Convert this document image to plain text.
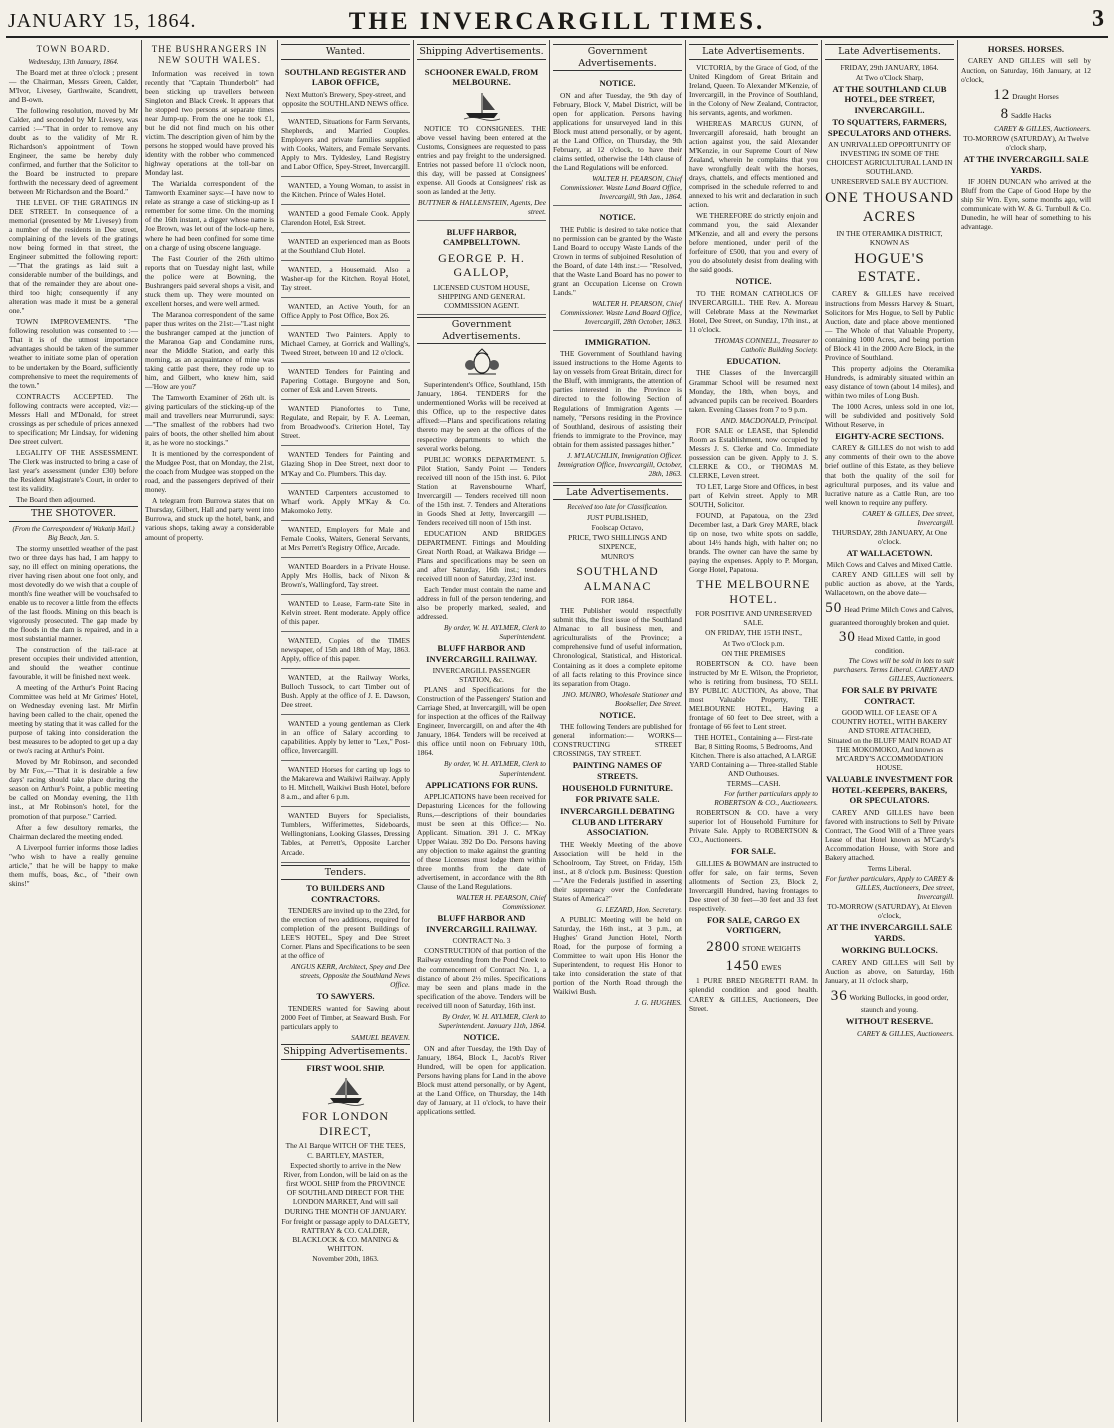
JANUARY 15, 1864.	THE INVERCARGILL TIMES.	3
TOWN BOARD.
Wednesday, 13th January, 1864.

The Board met at three o'clock ; present— the Chairman, Messrs Green, Calder, M'Ivor, Livesey, Garthwaite, Scandrett, and B-own.

The following resolution, moved by Mr Calder, and seconded by Mr Livesey, was carried :—"That in order to remove any doubt as to the validity of Mr R. Richardson's appointment of Town Engineer, the same be hereby duly confirmed, and further that the Solicitor to the Board be instructed to prepare forthwith the necessary deed of agreement between Mr Richardson and the Board."

THE LEVEL OF THE GRATINGS IN DEE STREET. In consequence of a memorial (presented by Mr Livesey) from a number of the residents in Dee street, complaining of the levels of the gratings now being formed in that street, the Engineer submitted the following report:—"That the gratings as laid suit a considerable number of the buildings, and that of the remainder they are about one-third too high; consequently if any alteration was made it must be a general one."

TOWN IMPROVEMENTS. "The following resolution was consented to :—That it is of the utmost importance advantages should be taken of the summer weather to initiate some plan of operation to be undertaken by the Board, sufficiently comprehensive to meet the requirements of the town."

CONTRACTS ACCEPTED. The following contracts were accepted, viz:—Messrs Hall and M'Donald, for street crossings as per schedule of prices annexed to specification; Mr Lindsay, for widening Dee street culvert.

LEGALITY OF THE ASSESSMENT. The Clerk was instructed to bring a case of last year's assessment (under £30) before the Resident Magistrate's Court, in order to test its validity.

The Board then adjourned.

THE SHOTOVER.
(From the Correspondent of Wakatip Mail.)
Big Beach, Jan. 5.

The stormy unsettled weather of the past two or three days has had, I am happy to say, no ill effect on mining operations, the river having risen about one foot only, and most devotedly do we wish that a couple of month's fine weather will be vouchsafed to enable us to recover a little from the effects of the last floods. Mining on this beach is vigorously prosecuted. The gap made by the floods in the dam is repaired, and in a most substantial manner.

The construction of the tail-race at present occupies their undivided attention, and should the weather continue favourable, it will be finished next week.

A meeting of the Arthur's Point Racing Committee was held at Mr Grimes' Hotel, on Wednesday evening last. Mr Mirfin having been called to the chair, opened the meeting by stating that it was called for the purpose of taking into consideration the best measures to be adopted to get up a day or two's racing at Arthur's Point.

Moved by Mr Robinson, and seconded by Mr Fox,—"That it is desirable a few days' racing should take place during the season on Arthur's Point, a public meeting be called on Monday evening, the 11th inst., at Mr Robinson's hotel, for the promotion of that purpose." Carried.

After a few desultory remarks, the Chairman declared the meeting ended.

A Liverpool furrier informs those ladies "who wish to have a really genuine article," that he will be happy to make them muffs, boas, &c., of "their own skins!"

THE BUSHRANGERS IN NEW SOUTH WALES.

Information was received in town recently that "Captain Thunderbolt" had been sticking up travellers between Singleton and Black Creek. It appears that he stopped two persons at separate times near Jump-up. From the one he took £1, but he did not find much on his other victim. The description given of him by the persons he stopped would have proved his identity with the robber who commenced highway operations at the toll-bar on Monday last.

The Warialda correspondent of the Tamworth Examiner says:—I have now to relate as strange a case of sticking-up as I remember for some time. On the morning of the 16th instant, a digger whose name is Joe Brown, was let out of the lock-up here, where he had been confined for some time on a charge of using obscene language.

The Fast Courier of the 26th ultimo reports that on Tuesday night last, while the police were at Bowning, the Bushrangers paid several shops a visit, and stuck them up. They were mounted on excellent horses, and were well armed.

The Maranoa correspondent of the same paper thus writes on the 21st:—"Last night the bushranger camped at the junction of the Maranoa Gap and Condamine runs, near the Middle Station, and early this morning, as an acquaintance of mine was taking cattle past there, they rode up to him, and Gilbert, who knew him, said—'How are you?'

The Tamworth Examiner of 26th ult. is giving particulars of the sticking-up of the mail and travellers near Murrurundi, says:—"The smallest of the robbers had two pairs of boots, the other shelled him about it, as he wore no stockings."

It is mentioned by the correspondent of the Mudgee Post, that on Monday, the 21st, the coach from Mudgee was stopped on the road, and the passengers deprived of their money.

A telegram from Burrowa states that on Thursday, Gilbert, Hall and party went into Burrowa, and stuck up the hotel, bank, and various shops, taking away a considerable amount of property.

Wanted.
SOUTHLAND REGISTER AND LABOR OFFICE,
Next Mutton's Brewery, Spey-street, and opposite the SOUTHLAND NEWS office.

WANTED, Situations for Farm Servants, Shepherds, and Married Couples. Employers and private families supplied with Cooks, Waiters, and Female Servants. Apply to Mrs. Tyldesley, Land Registry and Labor Office, Spey-Street, Invercargill.

WANTED, a Young Woman, to assist in the Kitchen. Prince of Wales Hotel.

WANTED a good Female Cook. Apply Clarendon Hotel, Esk Street.

WANTED an experienced man as Boots at the Southland Club Hotel.

WANTED, a Housemaid. Also a Washer-up for the Kitchen. Royal Hotel, Tay street.

WANTED, an Active Youth, for an Office Apply to Post Office, Box 26.

WANTED Two Painters. Apply to Michael Carney, at Gorrick and Walling's, Tweed Street, between 10 and 12 o'clock.

WANTED Tenders for Painting and Papering Cottage. Burgoyne and Son, corner of Esk and Leven Streets.

WANTED Pianofortes to Tune, Regulate, and Repair, by F. A. Leeman, from Broadwood's. Criterion Hotel, Tay Street.

WANTED Tenders for Painting and Glazing Shop in Dee Street, next door to M'Kay and Co. Plumbers. This day.

WANTED Carpenters accustomed to Wharf work. Apply M'Kay & Co. Makomoko Jetty.

WANTED, Employers for Male and Female Cooks, Waiters, General Servants, at Mrs Perrett's Registry Office, Arcade.

WANTED Boarders in a Private House. Apply Mrs Hollis, back of Nixon & Brown's, Wallingford, Tay street.

WANTED to Lease, Farm-rate Site in Kelvin street. Rent moderate. Apply office of this paper.

WANTED, Copies of the TIMES newspaper, of 15th and 18th of May, 1863. Apply, office of this paper.

WANTED, at the Railway Works, Bulloch Tussock, to cart Timber out of Bush. Apply at the office of J. E. Dawson, Dee street.

WANTED a young gentleman as Clerk in an office of Salary according to capabilities. Apply by letter to "Lex," Post-office, Invercargill.

WANTED Horses for carting up logs to the Makarewa and Waikiwi Railway. Apply to H. Mitchell, Waikiwi Bush Hotel, before 8 a.m., and after 6 p.m.

WANTED Buyers for Specialists, Tumblers, Wifferimettes, Sideboards, Wellingtonians, Looking Glasses, Dressing Tables, at Perrett's, Opposite Larcher Arcade.

Tenders.
TO BUILDERS AND CONTRACTORS.

TENDERS are invited up to the 23rd, for the erection of two additions, required for completion of the present Buildings of LEE'S HOTEL, Spey and Dee Street Corner. Plans and Specifications to be seen at the office of

ANGUS KERR, Architect, Spey and Dee streets, Opposite the Southland News Office.
TO SAWYERS.

TENDERS wanted for Sawing about 2000 Feet of Timber, at Seaward Bush. For particulars apply to

SAMUEL BEAVEN.
Shipping Advertisements.
FIRST WOOL SHIP.
FOR LONDON DIRECT,
The A1 Barque WITCH OF THE TEES,
C. BARTLEY, MASTER,
Expected shortly to arrive in the New River, from London, will be laid on as the first WOOL SHIP from the PROVINCE OF SOUTHLAND DIRECT FOR THE LONDON MARKET, And will sail DURING THE MONTH OF JANUARY.
For freight or passage apply to DALGETY, RATTRAY & CO. CALDER, BLACKLOCK & CO. MANING & WHITTON.
November 20th, 1863.
Shipping Advertisements.
SCHOONER EWALD, FROM MELBOURNE.

NOTICE TO CONSIGNEES. THE above vessel having been entered at the Customs, Consignees are requested to pass entries and pay freight to the undersigned. Entries not passed before 11 o'clock noon, this day, will be passed at Consignees' expense. All Goods at Consignees' risk as soon as landed at the Jetty.

BUTTNER & HALLENSTEIN, Agents, Dee street.
BLUFF HARBOR, CAMPBELLTOWN.
GEORGE P. H. GALLOP,
LICENSED CUSTOM HOUSE, SHIPPING AND GENERAL COMMISSION AGENT.
Government Advertisements.

Superintendent's Office, Southland, 15th January, 1864. TENDERS for the undermentioned Works will be received at this Office, up to the respective dates affixed:—Plans and specifications relating thereto may be seen at the offices of the respective departments to which the several works belong.

PUBLIC WORKS DEPARTMENT. 5. Pilot Station, Sandy Point — Tenders received till noon of the 15th inst. 6. Pilot Station at Ravensbourne Wharf, Invercargill — Tenders received till noon of the 15th inst. 7. Tenders and Alterations in Goods Shed at Jetty, Invercargill — Tenders received till noon of 15th inst.

EDUCATION AND BRIDGES DEPARTMENT. Fittings and Moulding Great North Road, at Waikawa Bridge — Plans and specifications may be seen on and after Saturday, 16th inst.; tenders received till noon of Saturday, 23rd inst.

Each Tender must contain the name and address in full of the person tendering, and also be properly marked, sealed, and addressed.

By order, W. H. AYLMER, Clerk to Superintendent.
BLUFF HARBOR AND INVERCARGILL RAILWAY.
INVERCARGILL PASSENGER STATION, &c.

PLANS and Specifications for the Construction of the Passengers' Station and Carriage Shed, at Invercargill, will be open for inspection at the offices of the Railway Engineer, Invercargill, on and after the 4th January, 1864. Tenders will be received at this office until noon on February 10th, 1864.

By order, W. H. AYLMER, Clerk to Superintendent.
APPLICATIONS FOR RUNS.

APPLICATIONS have been received for Depasturing Licences for the following Runs,—descriptions of their boundaries must be seen at this Office:— No. Applicant. Situation. 391 J. C. M'Kay Upper Waiau. 392 Do Do. Persons having any objection to make against the granting of these Licenses must lodge them within three months from the date of advertisement, in accordance with the 8th Clause of the Land Regulations.

WALTER H. PEARSON, Chief Commissioner.
BLUFF HARBOR AND INVERCARGILL RAILWAY.
CONTRACT No. 3

CONSTRUCTION of that portion of the Railway extending from the Pond Creek to the commencement of Contract No. 1, a distance of about 2½ miles. Specifications may be seen and plans made in the specification of the above. Tenders will be received till noon of Saturday, 16th inst.

By Order, W. H. AYLMER, Clerk to Superintendent. January 11th, 1864.
NOTICE.

ON and after Tuesday, the 19th Day of January, 1864, Block I., Jacob's River Hundred, will be open for application. Persons having plans for Land in the above Block must attend personally, or by Agent, at the Land Office, on Thursday, the 14th day of January, at 11 o'clock, to have their applications settled.

Government Advertisements.
NOTICE.

ON and after Tuesday, the 9th day of February, Block V, Mabel District, will be open for application. Persons having applications for unsurveyed land in this Block must attend personally, or by agent, at the Land Office, on Thursday, the 9th February, at 12 o'clock, to have their claims settled, otherwise the 14th clause of the Land Regulations will be enforced.

WALTER H. PEARSON, Chief Commissioner. Waste Land Board Office, Invercargill, 9th Jan., 1864.
NOTICE.

THE Public is desired to take notice that no permission can be granted by the Waste Land Board to occupy Waste Lands of the Crown in terms of subjoined Resolution of the Board, of date 14th inst.:— "Resolved, that the Waste Land Board has no power to grant an Occupation License on Crown Lands."

WALTER H. PEARSON, Chief Commissioner. Waste Land Board Office, Invercargill, 28th October, 1863.
IMMIGRATION.

THE Government of Southland having issued instructions to the Home Agents to lay on vessels from Great Britain, direct for the Bluff, with immigrants, the attention of parties interested in the Province is directed to the following Section of Regulations of Immigration Agents — namely, "Persons residing in the Province of Southland, desirous of assisting their friends to immigrate to the Province, may obtain for them assisted passages hither."

J. M'LAUCHLIN, Immigration Officer. Immigration Office, Invercargill, October, 28th, 1863.
Late Advertisements.
Received too late for Classification.
JUST PUBLISHED,
Foolscap Octavo,
PRICE, TWO SHILLINGS AND SIXPENCE,
MUNRO'S
SOUTHLAND ALMANAC
FOR 1864.

THE Publisher would respectfully submit this, the first issue of the Southland Almanac to all business men, and agriculturalists of the Province; a comprehensive fund of useful information, Chronological, Statistical, and Historical. Containing as it does a complete epitome of all facts relating to this Province since its separation from Otago.

JNO. MUNRO, Wholesale Stationer and Bookseller, Dee Street.
NOTICE.

THE following Tenders are published for general information:— WORKS—CONSTRUCTING STREET CROSSINGS, TAY STREET.

PAINTING NAMES OF STREETS.
HOUSEHOLD FURNITURE. FOR PRIVATE SALE.
INVERCARGILL DEBATING CLUB AND LITERARY ASSOCIATION.

THE Weekly Meeting of the above Association will be held in the Schoolroom, Tay Street, on Friday, 15th inst., at 8 o'clock p.m. Business: Question—"Are the Federals justified in asserting their supremacy over the Confederate States of America?"

G. LEZARD, Hon. Secretary.

A PUBLIC Meeting will be held on Saturday, the 16th inst., at 3 p.m., at Hughes' Grand Junction Hotel, North Road, for the purpose of forming a Committee to wait upon His Honor the Superintendent, to request His Honor to take into consideration the state of that portion of the North Road through the Waikiwi Bush.

J. G. HUGHES.
Late Advertisements.

VICTORIA, by the Grace of God, of the United Kingdom of Great Britain and Ireland, Queen. To Alexander M'Kenzie, of Invercargill, in the Province of Southland, in the Colony of New Zealand, Contractor, his servants, agents, and workmen.

WHEREAS MARCUS GUNN, of Invercargill aforesaid, hath brought an action against you, the said Alexander M'Kenzie, in our Supreme Court of New Zealand, wherein he complains that you have wrongfully dealt with the horses, drays, chattels, and effects mentioned and comprised in the schedule referred to and annexed to his writ and declaration in such action.

WE THEREFORE do strictly enjoin and command you, the said Alexander M'Kenzie, and all and every the persons before mentioned, under peril of the forfeiture of £500, that you and every of you do absolutely desist from dealing with the said goods.

NOTICE.

TO THE ROMAN CATHOLICS OF INVERCARGILL. THE Rev. A. Moreau will Celebrate Mass at the Newmarket Hotel, Dee Street, on Sunday, 17th inst., at 11 o'clock.

THOMAS CONNELL, Treasurer to Catholic Building Society.
EDUCATION.

THE Classes of the Invercargill Grammar School will be resumed next Monday, the 18th, when boys, and advanced pupils can be received. Boarders taken. Evening Classes from 7 to 9 p.m.

AND. MACDONALD, Principal.

FOR SALE or LEASE, that Splendid Room as Establishment, now occupied by Messrs J. S. Clerke and Co. Immediate possession can be given. Apply to J. S. CLERKE & CO., or THOMAS M. CLERKE, Leven street.

TO LET, Large Store and Offices, in best part of Kelvin street. Apply to MR SOUTH, Solicitor.

FOUND, at Papatoua, on the 23rd December last, a Dark Grey MARE, black tip on nose, two white spots on saddle, about 14½ hands high, with halter on; no brands. The owner can have the same by paying the expenses. Apply to P. Morgan, Gorge Hotel, Papatoua.

THE MELBOURNE HOTEL.
FOR POSITIVE AND UNRESERVED SALE.
ON FRIDAY, THE 15TH INST.,
At Two o'Clock p.m.
ON THE PREMISES

ROBERTSON & CO. have been instructed by Mr E. Wilson, the Proprietor, who is retiring from business, TO SELL BY PUBLIC AUCTION, As above, That most Valuable Property, THE MELBOURNE HOTEL, Having a frontage of 60 feet to Dee street, with a frontage of 66 feet to Lent street.

THE HOTEL, Containing a— First-rate Bar, 8 Sitting Rooms, 5 Bedrooms, And Kitchen. There is also attached, A LARGE YARD Containing a— Three-stalled Stable AND Outhouses.
TERMS—CASH.
For further particulars apply to ROBERTSON & CO., Auctioneers.

ROBERTSON & CO. have a very superior lot of Household Furniture for Private Sale. Apply to ROBERTSON & CO., Auctioneers.

FOR SALE.

GILLIES & BOWMAN are instructed to offer for sale, on fair terms, Seven allotments of Section 23, Block 2, Invercargill Hundred, having frontages to Dee street of 30 feet—30 feet and 33 feet respectively.

FOR SALE, CARGO EX VORTIGERN,
2800 STONE WEIGHTS
1450 EWES

1 PURE BRED NEGRETTI RAM. In splendid condition and good health. CAREY & GILLES, Auctioneers, Dee Street.

Late Advertisements.
FRIDAY, 29th JANUARY, 1864.
At Two o'Clock Sharp,
AT THE SOUTHLAND CLUB HOTEL, DEE STREET, INVERCARGILL.
TO SQUATTERS, FARMERS, SPECULATORS AND OTHERS.
AN UNRIVALLED OPPORTUNITY OF INVESTING IN SOME OF THE CHOICEST AGRICULTURAL LAND IN SOUTHLAND.
UNRESERVED SALE BY AUCTION.
ONE THOUSAND ACRES
IN THE OTERAMIKA DISTRICT, KNOWN AS
HOGUE'S ESTATE.

CAREY & GILLES have received instructions from Messrs Harvey & Stuart, Solicitors for Mrs Hogue, to Sell by Public Auction, date and place above mentioned— The Whole of that Valuable Property, containing 1000 Acres, and being portion of Block 41 in the 2000 Acre Block, in the Province of Southland.

This property adjoins the Oteramika Hundreds, is admirably situated within an easy distance of town (about 14 miles), and within two miles of Long Bush.

The 1000 Acres, unless sold in one lot, will be subdivided and positively Sold Without Reserve, in

EIGHTY-ACRE SECTIONS.

CAREY & GILLES do not wish to add any comments of their own to the above brief outline of this Estate, as they believe that both the quality of the soil for agricultural purposes, and its value and lucrative nature as a Cattle Run, are too well known to require any puffery.

CAREY & GILLES, Dee street, Invercargill.
THURSDAY, 28th JANUARY, At One o'clock.
AT WALLACETOWN.
Milch Cows and Calves and Mixed Cattle.

CAREY AND GILLES will sell by public auction as above, at the Yards, Wallacetown, on the above date—

50 Head Prime Milch Cows and Calves, guaranteed thoroughly broken and quiet.
30 Head Mixed Cattle, in good condition.
The Cows will be sold in lots to suit purchasers. Terms Liberal. CAREY AND GILLES, Auctioneers.
FOR SALE BY PRIVATE CONTRACT.
GOOD WILL OF LEASE OF A COUNTRY HOTEL, WITH BAKERY AND STORE ATTACHED,
Situated on the BLUFF MAIN ROAD AT THE MOKOMOKO, And known as M'CARDY'S ACCOMMODATION HOUSE.
VALUABLE INVESTMENT FOR HOTEL-KEEPERS, BAKERS, OR SPECULATORS.

CAREY AND GILLES have been favored with instructions to Sell by Private Contract, The Good Will of a Three years Lease of that Hotel known as M'Cardy's Accommodation House, with Store and Bakery attached.

Terms Liberal.
For further particulars, Apply to CAREY & GILLES, Auctioneers, Dee street, Invercargill.
TO-MORROW (SATURDAY), At Eleven o'clock,
AT THE INVERCARGILL SALE YARDS.
WORKING BULLOCKS.

CAREY AND GILLES will Sell by Auction as above, on Saturday, 16th January, at 11 o'clock sharp,

36 Working Bullocks, in good order, staunch and young.
WITHOUT RESERVE.
CAREY & GILLES, Auctioneers.
HORSES. HORSES.

CAREY AND GILLES will sell by Auction, on Saturday, 16th January, at 12 o'clock,

12 Draught Horses
8 Saddle Hacks
CAREY & GILLES, Auctioneers.
TO-MORROW (SATURDAY), At Twelve o'clock sharp,
AT THE INVERCARGILL SALE YARDS.

IF JOHN DUNCAN who arrived at the Bluff from the Cape of Good Hope by the ship Sir Wm. Eyre, some months ago, will communicate with W. & G. Turnbull & Co. Dunedin, he will hear of something to his advantage.
